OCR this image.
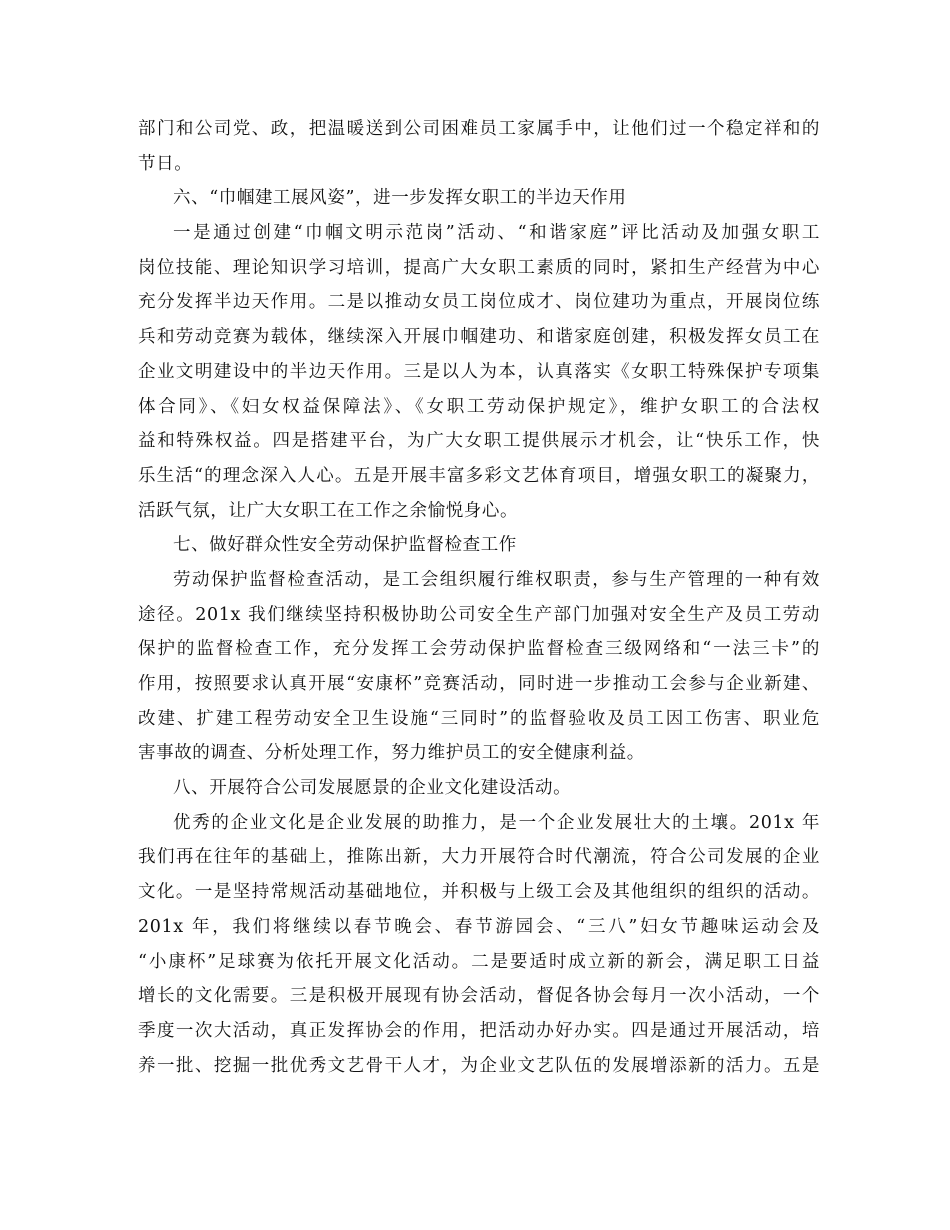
部门和公司党、政，把温暖送到公司困难员工家属手中，让他们过一个稳定祥和的
节日。
六、“巾帼建工展风姿”，进一步发挥女职工的半边天作用
一是通过创建“巾帼文明示范岗”活动、“和谐家庭”评比活动及加强女职工
岗位技能、理论知识学习培训，提高广大女职工素质的同时，紧扣生产经营为中心
充分发挥半边天作用。二是以推动女员工岗位成才、岗位建功为重点，开展岗位练
兵和劳动竞赛为载体，继续深入开展巾帼建功、和谐家庭创建，积极发挥女员工在
企业文明建设中的半边天作用。三是以人为本，认真落实《女职工特殊保护专项集
体合同》、《妇女权益保障法》、《女职工劳动保护规定》，维护女职工的合法权
益和特殊权益。四是搭建平台，为广大女职工提供展示才机会，让“快乐工作，快
乐生活“的理念深入人心。五是开展丰富多彩文艺体育项目，增强女职工的凝聚力，
活跃气氛，让广大女职工在工作之余愉悦身心。
七、做好群众性安全劳动保护监督检查工作
劳动保护监督检查活动，是工会组织履行维权职责，参与生产管理的一种有效
途径。201x 我们继续坚持积极协助公司安全生产部门加强对安全生产及员工劳动
保护的监督检查工作，充分发挥工会劳动保护监督检查三级网络和“一法三卡”的
作用，按照要求认真开展“安康杯”竞赛活动，同时进一步推动工会参与企业新建、
改建、扩建工程劳动安全卫生设施“三同时”的监督验收及员工因工伤害、职业危
害事故的调查、分析处理工作，努力维护员工的安全健康利益。
八、开展符合公司发展愿景的企业文化建设活动。
优秀的企业文化是企业发展的助推力，是一个企业发展壮大的土壤。201x 年
我们再在往年的基础上，推陈出新，大力开展符合时代潮流，符合公司发展的企业
文化。一是坚持常规活动基础地位，并积极与上级工会及其他组织的组织的活动。
201x 年，我们将继续以春节晚会、春节游园会、“三八”妇女节趣味运动会及
“小康杯”足球赛为依托开展文化活动。二是要适时成立新的新会，满足职工日益
增长的文化需要。三是积极开展现有协会活动，督促各协会每月一次小活动，一个
季度一次大活动，真正发挥协会的作用，把活动办好办实。四是通过开展活动，培
养一批、挖掘一批优秀文艺骨干人才，为企业文艺队伍的发展增添新的活力。五是
